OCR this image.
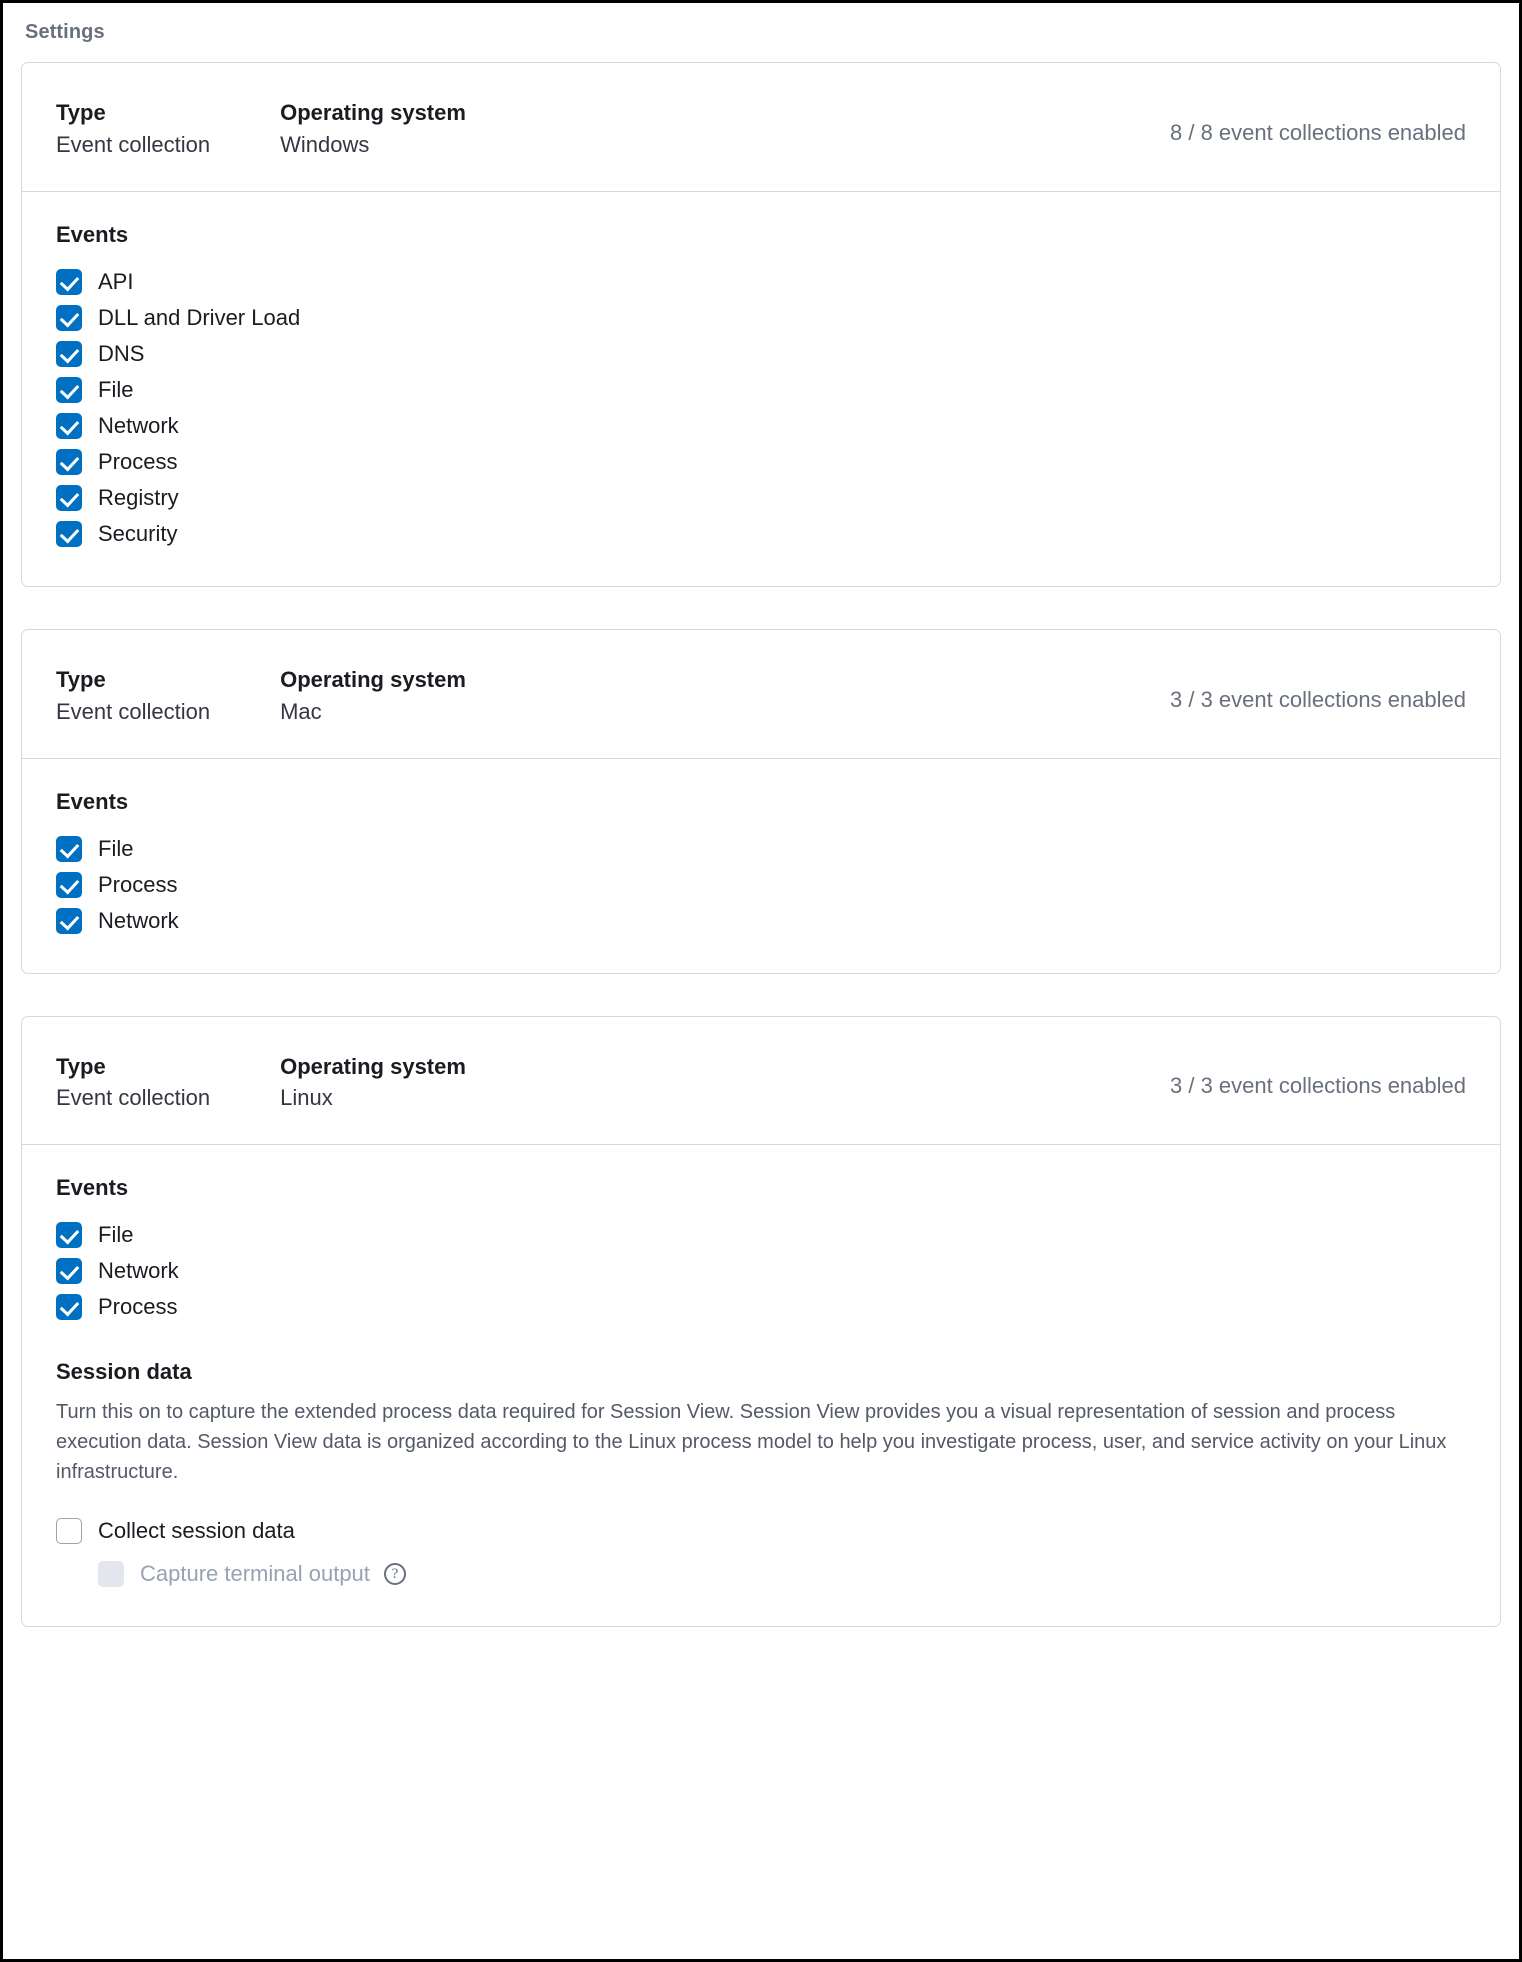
Settings
Type
Event collection
Operating system
Windows	8 / 8 event collections enabled
Events
API
DLL and Driver Load
DNS
File
Network
Process
Registry
Security
Type
Event collection
Operating system
Mac	3 / 3 event collections enabled
Events
File
Process
Network
Type
Event collection
Operating system
Linux	3 / 3 event collections enabled
Events
File
Network
Process
Session data
Turn this on to capture the extended process data required for Session View. Session View provides you a visual representation of session and process execution data. Session View data is organized according to the Linux process model to help you investigate process, user, and service activity on your Linux infrastructure.
Collect session data
Capture terminal output	?
